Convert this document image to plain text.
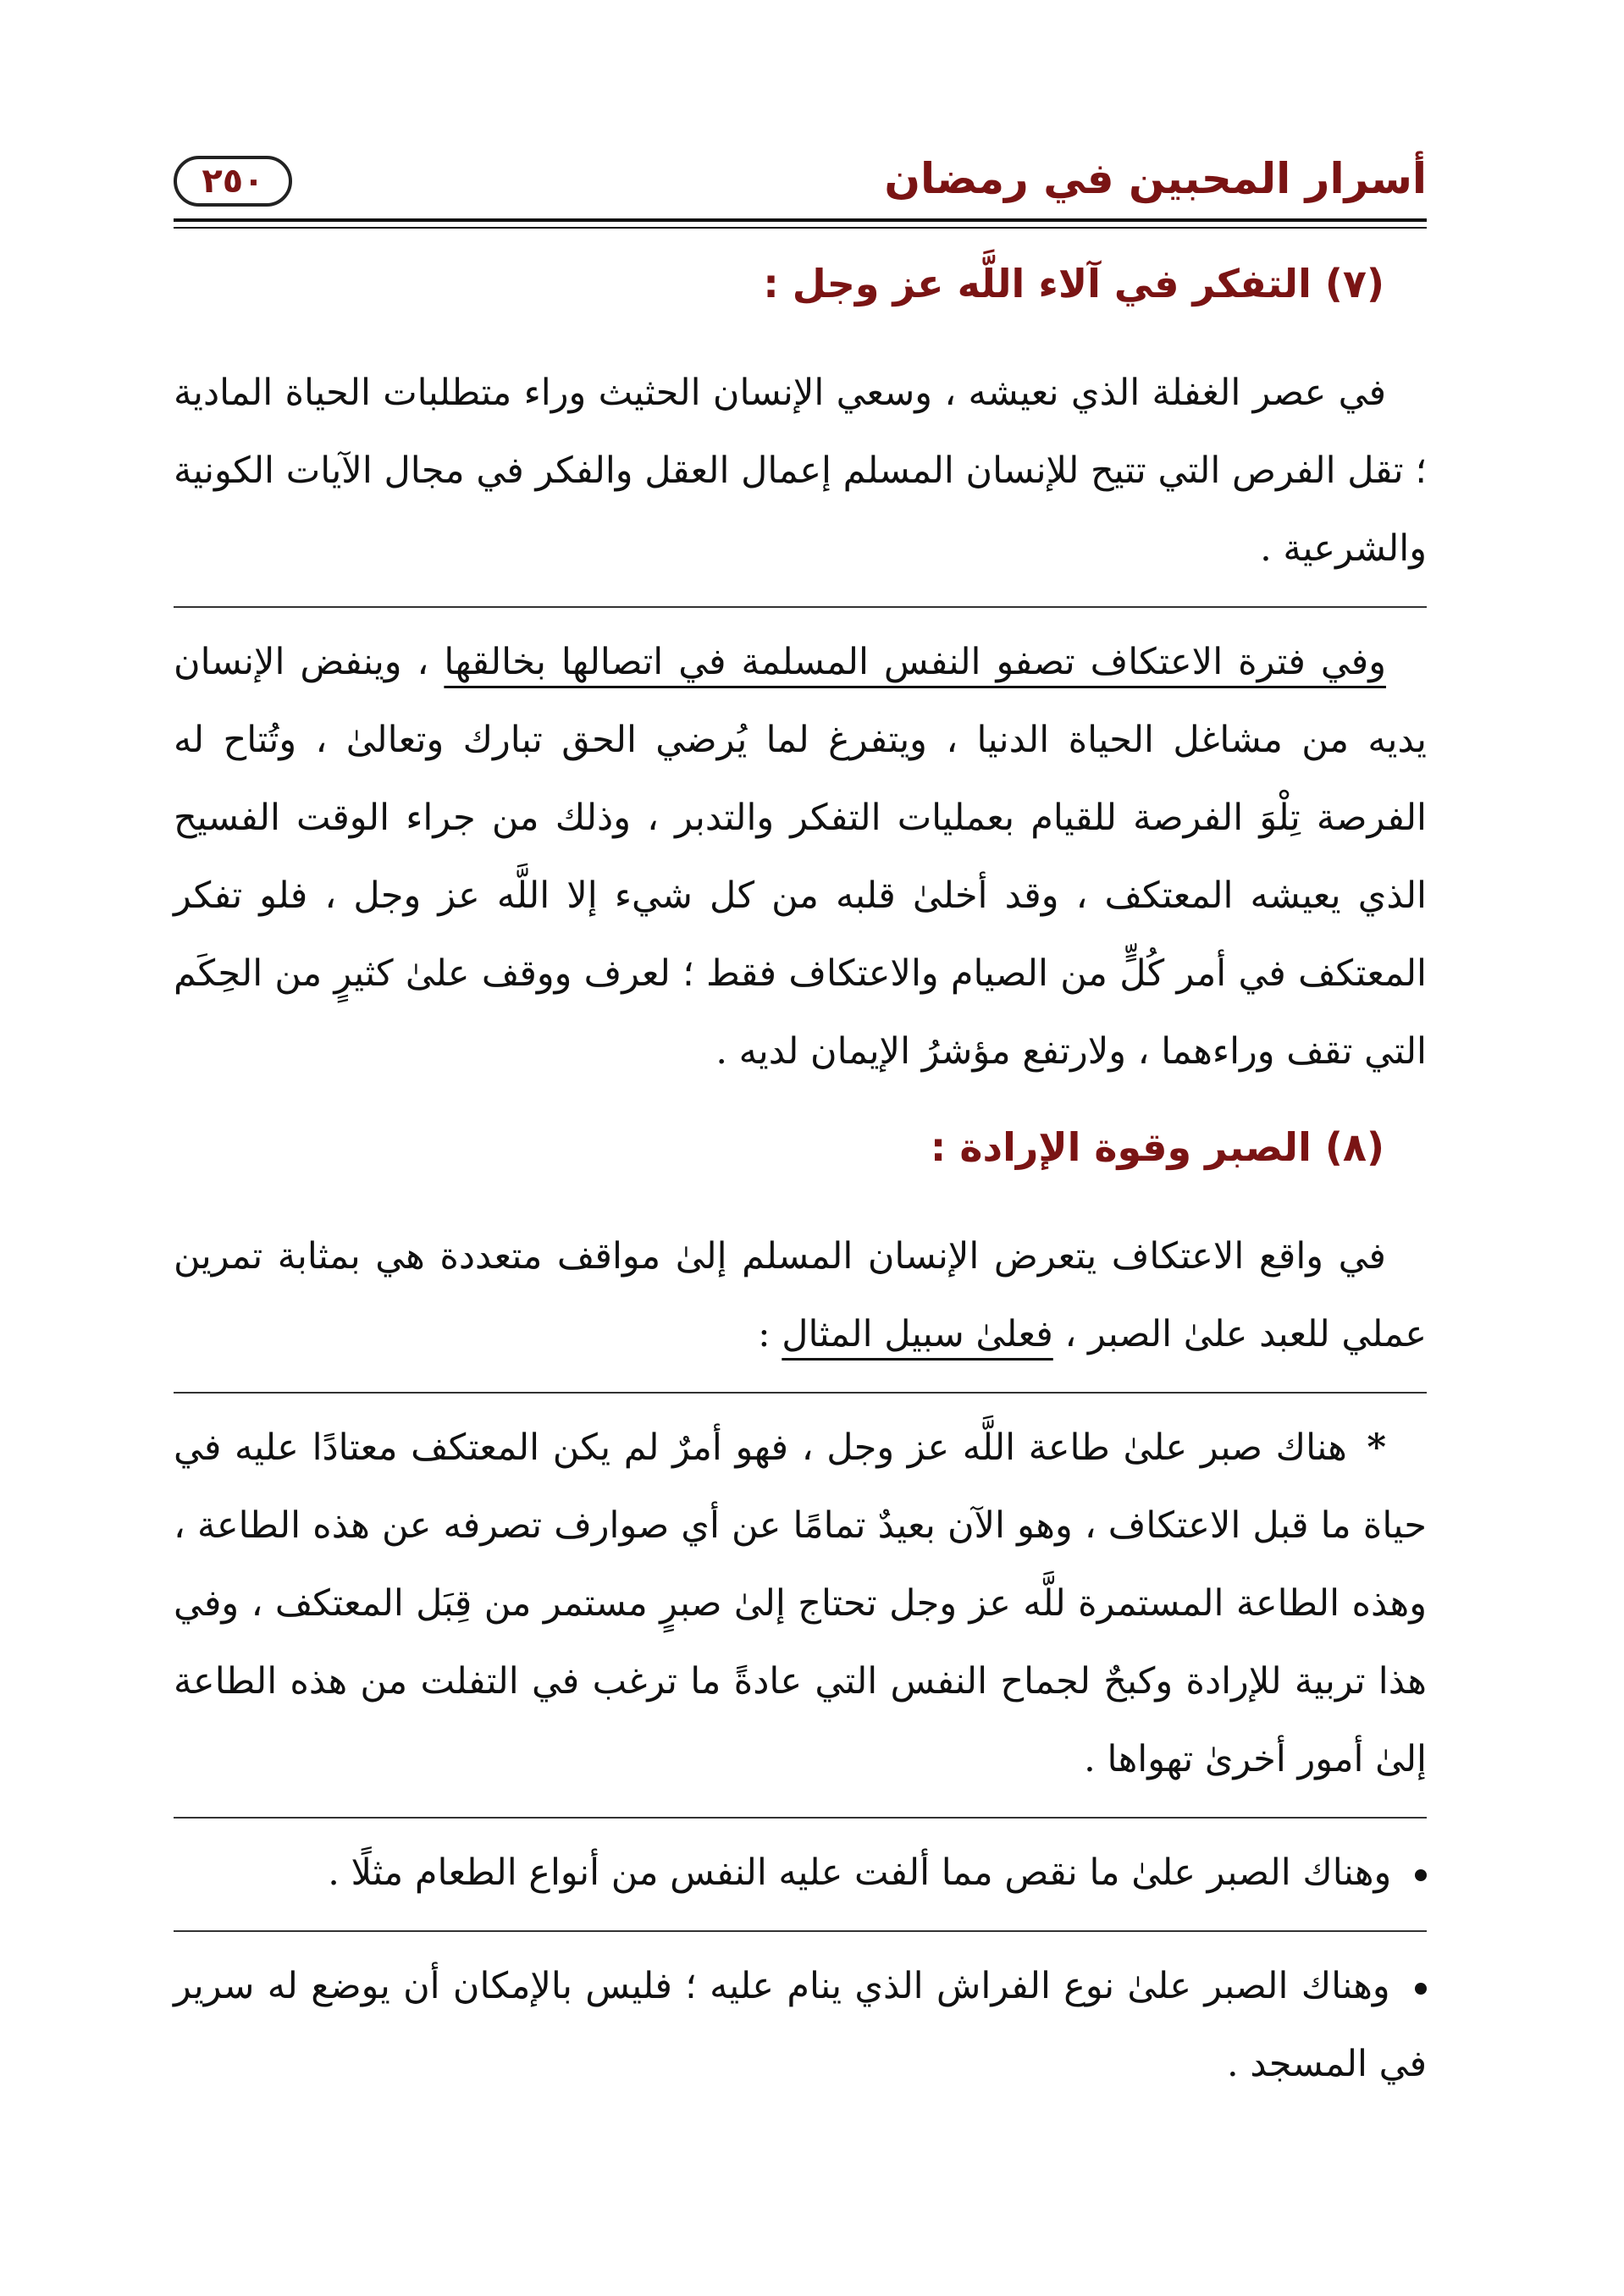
أسرار المحبين في رمضان
٢٥٠
(٧) التفكر في آلاء اللَّه عز وجل :

في عصر الغفلة الذي نعيشه ، وسعي الإنسان الحثيث وراء متطلبات الحياة المادية ؛ تقل الفرص التي تتيح للإنسان المسلم إعمال العقل والفكر في مجال الآيات الكونية والشرعية .

وفي فترة الاعتكاف تصفو النفس المسلمة في اتصالها بخالقها ، وينفض الإنسان يديه من مشاغل الحياة الدنيا ، ويتفرغ لما يُرضي الحق تبارك وتعالىٰ ، وتُتاح له الفرصة تِلْوَ الفرصة للقيام بعمليات التفكر والتدبر ، وذلك من جراء الوقت الفسيح الذي يعيشه المعتكف ، وقد أخلىٰ قلبه من كل شيء إلا اللَّه عز وجل ، فلو تفكر المعتكف في أمر كُلٍّ من الصيام والاعتكاف فقط ؛ لعرف ووقف علىٰ كثيرٍ من الحِكَم التي تقف وراءهما ، ولارتفع مؤشرُ الإيمان لديه .

(٨) الصبر وقوة الإرادة :

في واقع الاعتكاف يتعرض الإنسان المسلم إلىٰ مواقف متعددة هي بمثابة تمرين عملي للعبد علىٰ الصبر ، فعلىٰ سبيل المثال :

* هناك صبر علىٰ طاعة اللَّه عز وجل ، فهو أمرٌ لم يكن المعتكف معتادًا عليه في حياة ما قبل الاعتكاف ، وهو الآن بعيدٌ تمامًا عن أي صوارف تصرفه عن هذه الطاعة ، وهذه الطاعة المستمرة للَّه عز وجل تحتاج إلىٰ صبرٍ مستمر من قِبَل المعتكف ، وفي هذا تربية للإرادة وكبحٌ لجماح النفس التي عادةً ما ترغب في التفلت من هذه الطاعة إلىٰ أمور أخرىٰ تهواها .

وهناك الصبر علىٰ ما نقص مما ألفت عليه النفس من أنواع الطعام مثلًا .

وهناك الصبر علىٰ نوع الفراش الذي ينام عليه ؛ فليس بالإمكان أن يوضع له سرير في المسجد .
